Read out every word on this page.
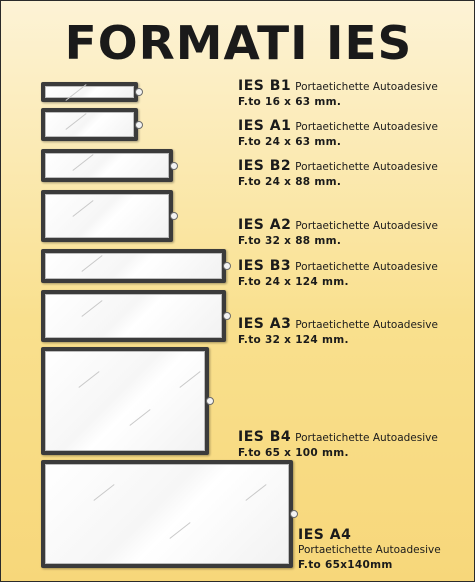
FORMATI IES
IES B1 Portaetichette Autoadesive
F.to 16 x 63 mm.
IES A1 Portaetichette Autoadesive
F.to 24 x 63 mm.
IES B2 Portaetichette Autoadesive
F.to 24 x 88 mm.
IES A2 Portaetichette Autoadesive
F.to 32 x 88 mm.
IES B3 Portaetichette Autoadesive
F.to 24 x 124 mm.
IES A3 Portaetichette Autoadesive
F.to 32 x 124 mm.
IES B4 Portaetichette Autoadesive
F.to 65 x 100 mm.
IES A4
Portaetichette Autoadesive
F.to 65x140mm
